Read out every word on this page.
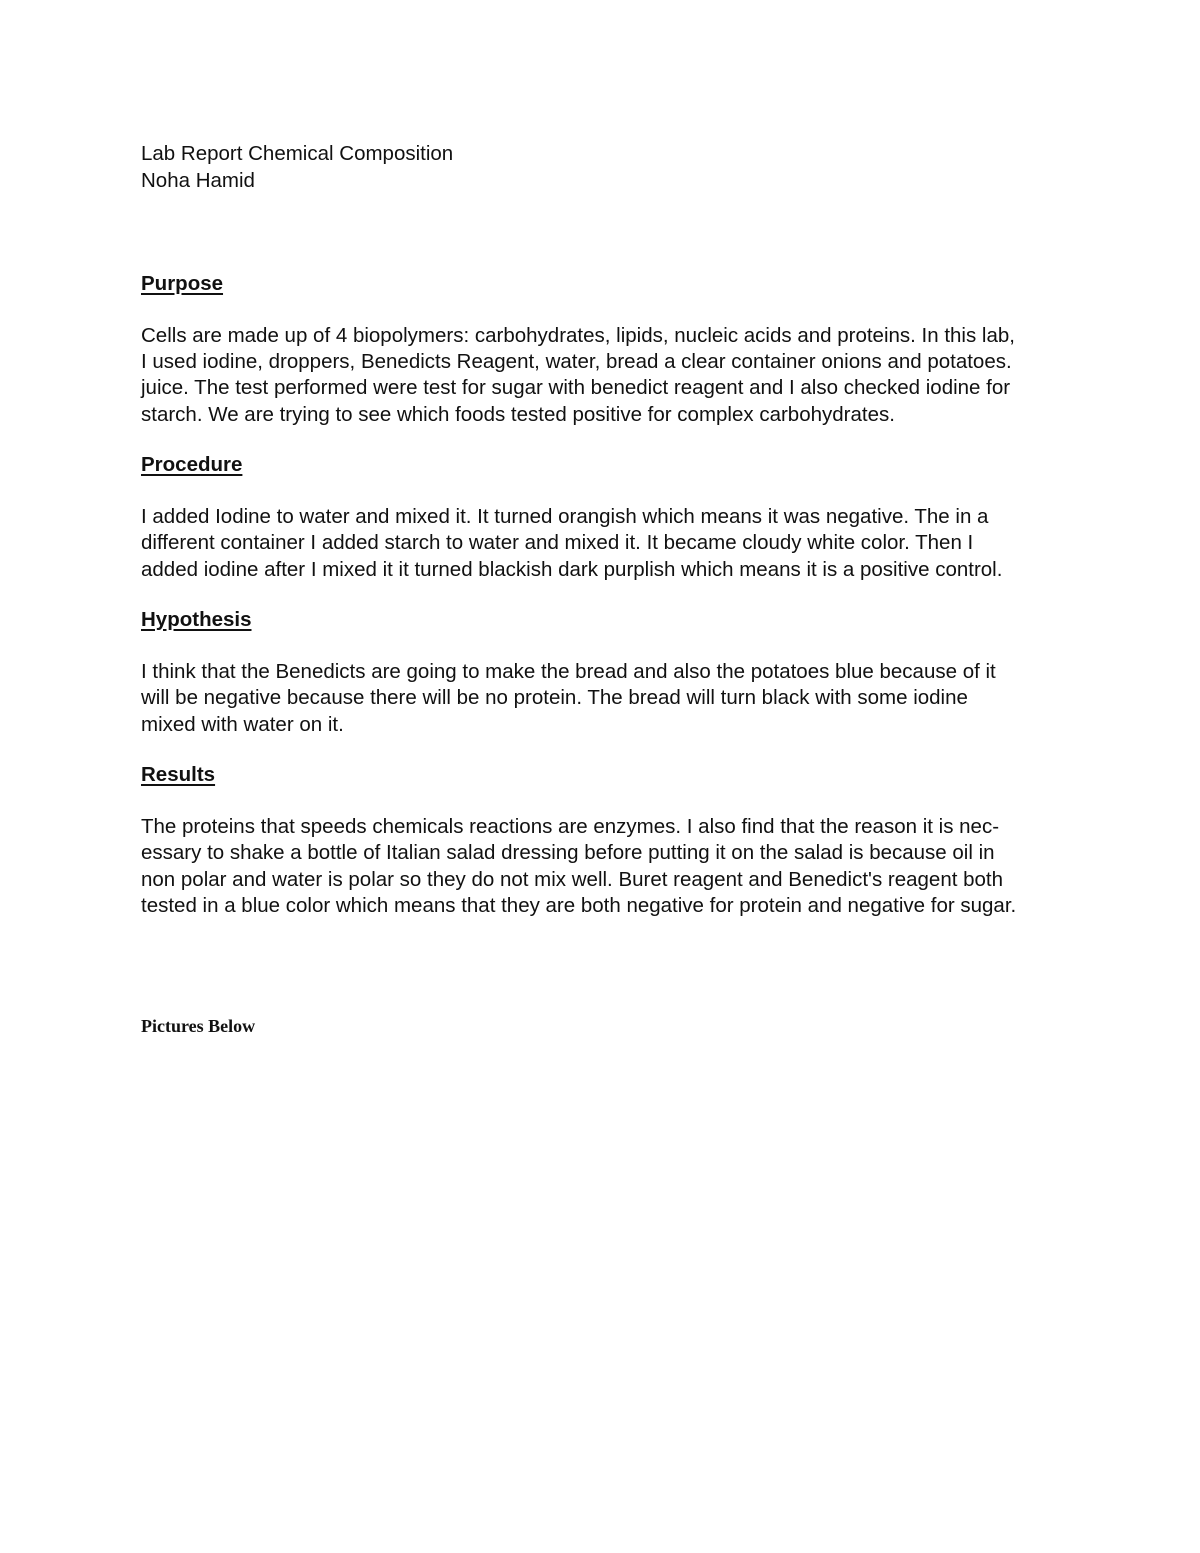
Lab Report Chemical Composition

Noha Hamid

Purpose

Cells are made up of 4 biopolymers: carbohydrates, lipids, nucleic acids and proteins. In this lab,

I used iodine, droppers, Benedicts Reagent, water, bread a clear container onions and potatoes.

juice. The test performed were test for sugar with benedict reagent and I also checked iodine for

starch. We are trying to see which foods tested positive for complex carbohydrates.

Procedure

I added Iodine to water and mixed it. It turned orangish which means it was negative. The in a

different container I added starch to water and mixed it. It became cloudy white color. Then I

added iodine after I mixed it it turned blackish dark purplish which means it is a positive control.

Hypothesis

I think that the Benedicts are going to make the bread and also the potatoes blue because of it

will be negative because there will be no protein. The bread will turn black with some iodine

mixed with water on it.

Results

The proteins that speeds chemicals reactions are enzymes. I also find that the reason it is nec-

essary to shake a bottle of Italian salad dressing before putting it on the salad is because oil in

non polar and water is polar so they do not mix well. Buret reagent and Benedict's reagent both

tested in a blue color which means that they are both negative for protein and negative for sugar.

Pictures Below
